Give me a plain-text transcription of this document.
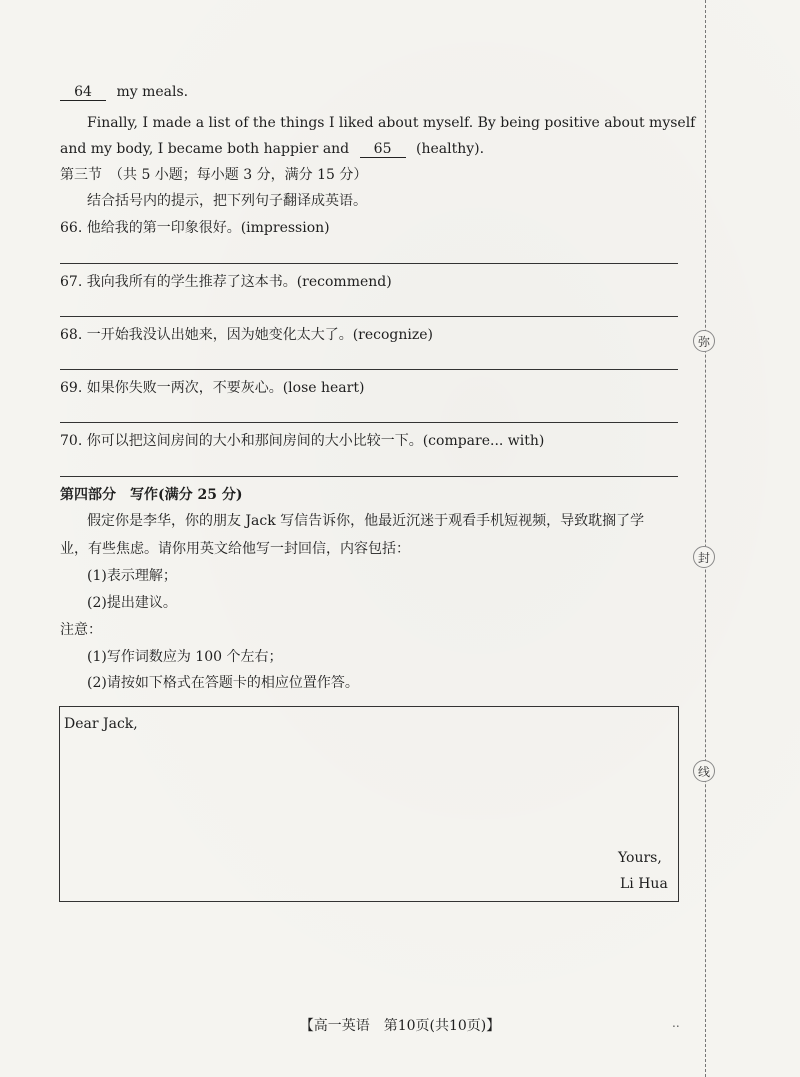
64 my meals.
Finally, I made a list of the things I liked about myself. By being positive about myself
and my body, I became both happier and 65 (healthy).
第三节　（共 5 小题；每小题 3 分，满分 15 分）
结合括号内的提示，把下列句子翻译成英语。
66. 他给我的第一印象很好。(impression)
67. 我向我所有的学生推荐了这本书。(recommend)
68. 一开始我没认出她来，因为她变化太大了。(recognize)
69. 如果你失败一两次，不要灰心。(lose heart)
70. 你可以把这间房间的大小和那间房间的大小比较一下。(compare... with)
第四部分　写作(满分 25 分)
假定你是李华，你的朋友 Jack 写信告诉你，他最近沉迷于观看手机短视频，导致耽搁了学
业，有些焦虑。请你用英文给他写一封回信，内容包括：
(1)表示理解；
(2)提出建议。
注意：
(1)写作词数应为 100 个左右；
(2)请按如下格式在答题卡的相应位置作答。
Dear Jack,
Yours,
Li Hua
弥
封
线
【高一英语　第10页(共10页)】	..
